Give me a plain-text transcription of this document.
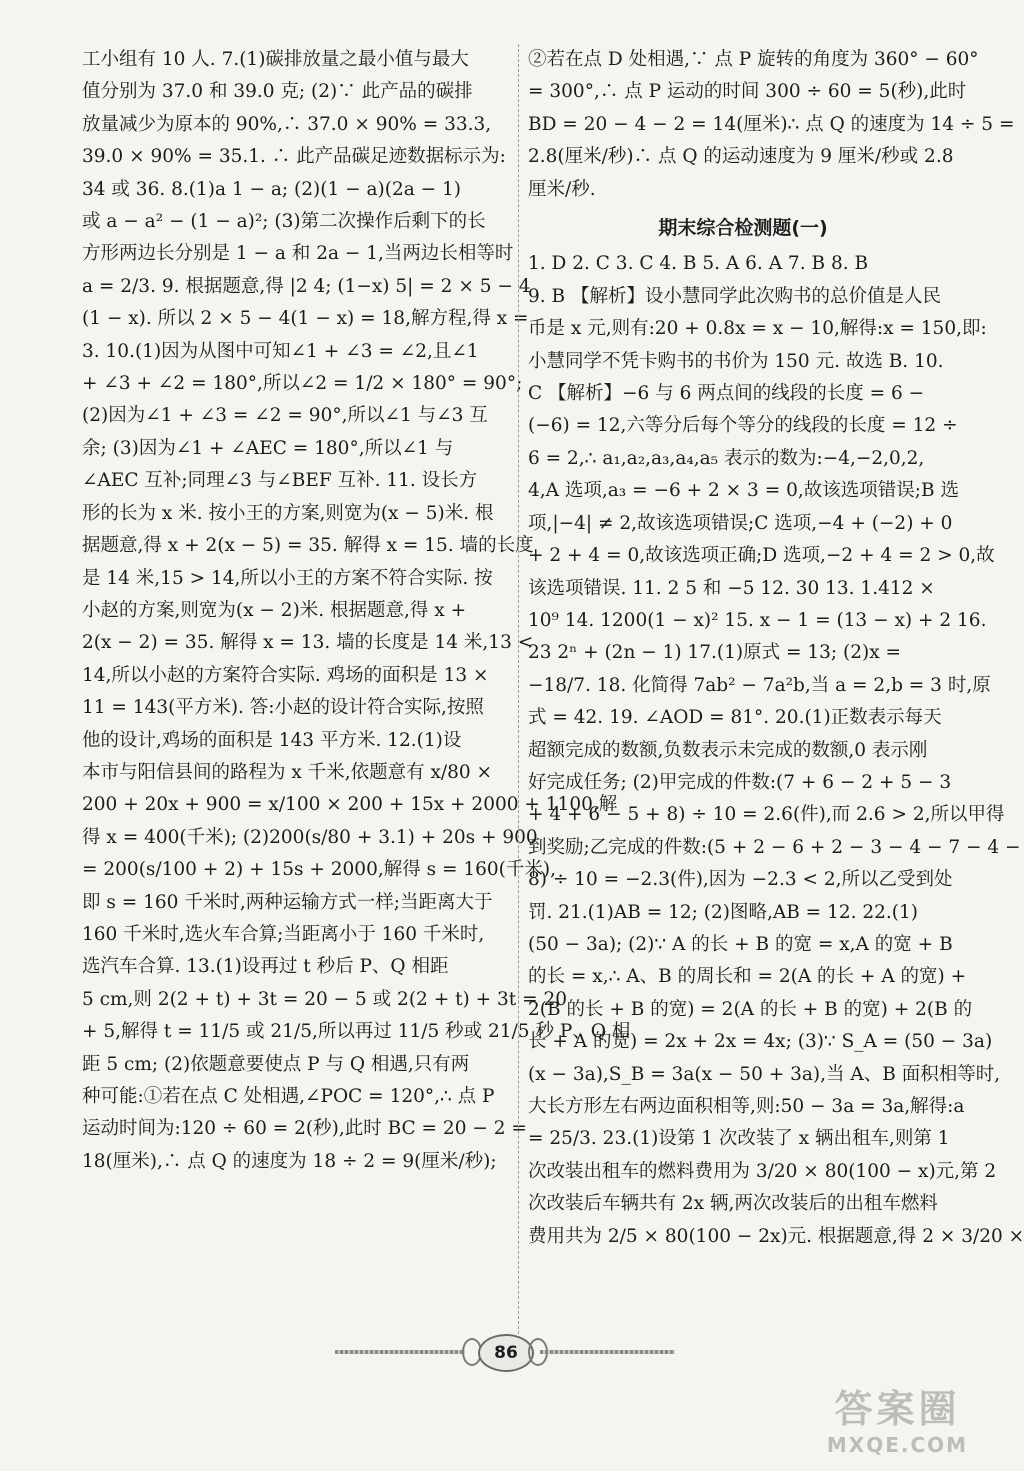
工小组有 10 人. 7.(1)碳排放量之最小值与最大
值分别为 37.0 和 39.0 克; (2)∵ 此产品的碳排
放量减少为原本的 90%,∴ 37.0 × 90% = 33.3,
39.0 × 90% = 35.1. ∴ 此产品碳足迹数据标示为:
34 或 36. 8.(1)a 1 − a; (2)(1 − a)(2a − 1)
或 a − a² − (1 − a)²; (3)第二次操作后剩下的长
方形两边长分别是 1 − a 和 2a − 1,当两边长相等时
a = 2/3. 9. 根据题意,得 |2 4; (1−x) 5| = 2 × 5 − 4
(1 − x). 所以 2 × 5 − 4(1 − x) = 18,解方程,得 x =
3. 10.(1)因为从图中可知∠1 + ∠3 = ∠2,且∠1
+ ∠3 + ∠2 = 180°,所以∠2 = 1/2 × 180° = 90°;
(2)因为∠1 + ∠3 = ∠2 = 90°,所以∠1 与∠3 互
余; (3)因为∠1 + ∠AEC = 180°,所以∠1 与
∠AEC 互补;同理∠3 与∠BEF 互补. 11. 设长方
形的长为 x 米. 按小王的方案,则宽为(x − 5)米. 根
据题意,得 x + 2(x − 5) = 35. 解得 x = 15. 墙的长度
是 14 米,15 > 14,所以小王的方案不符合实际. 按
小赵的方案,则宽为(x − 2)米. 根据题意,得 x +
2(x − 2) = 35. 解得 x = 13. 墙的长度是 14 米,13 <
14,所以小赵的方案符合实际. 鸡场的面积是 13 ×
11 = 143(平方米). 答:小赵的设计符合实际,按照
他的设计,鸡场的面积是 143 平方米. 12.(1)设
本市与阳信县间的路程为 x 千米,依题意有 x/80 ×
200 + 20x + 900 = x/100 × 200 + 15x + 2000 + 1100,解
得 x = 400(千米); (2)200(s/80 + 3.1) + 20s + 900
= 200(s/100 + 2) + 15s + 2000,解得 s = 160(千米),
即 s = 160 千米时,两种运输方式一样;当距离大于
160 千米时,选火车合算;当距离小于 160 千米时,
选汽车合算. 13.(1)设再过 t 秒后 P、Q 相距
5 cm,则 2(2 + t) + 3t = 20 − 5 或 2(2 + t) + 3t = 20
+ 5,解得 t = 11/5 或 21/5,所以再过 11/5 秒或 21/5 秒 P、Q 相
距 5 cm; (2)依题意要使点 P 与 Q 相遇,只有两
种可能:①若在点 C 处相遇,∠POC = 120°,∴ 点 P
运动时间为:120 ÷ 60 = 2(秒),此时 BC = 20 − 2 =
18(厘米),∴ 点 Q 的速度为 18 ÷ 2 = 9(厘米/秒);
②若在点 D 处相遇,∵ 点 P 旋转的角度为 360° − 60°
= 300°,∴ 点 P 运动的时间 300 ÷ 60 = 5(秒),此时
BD = 20 − 4 − 2 = 14(厘米)∴ 点 Q 的速度为 14 ÷ 5 =
2.8(厘米/秒)∴ 点 Q 的运动速度为 9 厘米/秒或 2.8
厘米/秒.
期末综合检测题(一)
1. D 2. C 3. C 4. B 5. A 6. A 7. B 8. B
9. B 【解析】设小慧同学此次购书的总价值是人民
币是 x 元,则有:20 + 0.8x = x − 10,解得:x = 150,即:
小慧同学不凭卡购书的书价为 150 元. 故选 B. 10.
C 【解析】−6 与 6 两点间的线段的长度 = 6 −
(−6) = 12,六等分后每个等分的线段的长度 = 12 ÷
6 = 2,∴ a₁,a₂,a₃,a₄,a₅ 表示的数为:−4,−2,0,2,
4,A 选项,a₃ = −6 + 2 × 3 = 0,故该选项错误;B 选
项,|−4| ≠ 2,故该选项错误;C 选项,−4 + (−2) + 0
+ 2 + 4 = 0,故该选项正确;D 选项,−2 + 4 = 2 > 0,故
该选项错误. 11. 2 5 和 −5 12. 30 13. 1.412 ×
10⁹ 14. 1200(1 − x)² 15. x − 1 = (13 − x) + 2 16.
23 2ⁿ + (2n − 1) 17.(1)原式 = 13; (2)x =
−18/7. 18. 化简得 7ab² − 7a²b,当 a = 2,b = 3 时,原
式 = 42. 19. ∠AOD = 81°. 20.(1)正数表示每天
超额完成的数额,负数表示未完成的数额,0 表示刚
好完成任务; (2)甲完成的件数:(7 + 6 − 2 + 5 − 3
+ 4 + 6 − 5 + 8) ÷ 10 = 2.6(件),而 2.6 > 2,所以甲得
到奖励;乙完成的件数:(5 + 2 − 6 + 2 − 3 − 4 − 7 − 4 −
8) ÷ 10 = −2.3(件),因为 −2.3 < 2,所以乙受到处
罚. 21.(1)AB = 12; (2)图略,AB = 12. 22.(1)
(50 − 3a); (2)∵ A 的长 + B 的宽 = x,A 的宽 + B
的长 = x,∴ A、B 的周长和 = 2(A 的长 + A 的宽) +
2(B 的长 + B 的宽) = 2(A 的长 + B 的宽) + 2(B 的
长 + A 的宽) = 2x + 2x = 4x; (3)∵ S_A = (50 − 3a)
(x − 3a),S_B = 3a(x − 50 + 3a),当 A、B 面积相等时,
大长方形左右两边面积相等,则:50 − 3a = 3a,解得:a
= 25/3. 23.(1)设第 1 次改装了 x 辆出租车,则第 1
次改装出租车的燃料费用为 3/20 × 80(100 − x)元,第 2
次改装后车辆共有 2x 辆,两次改装后的出租车燃料
费用共为 2/5 × 80(100 − 2x)元. 根据题意,得 2 × 3/20 ×
86
答案圈
MXQE.COM
